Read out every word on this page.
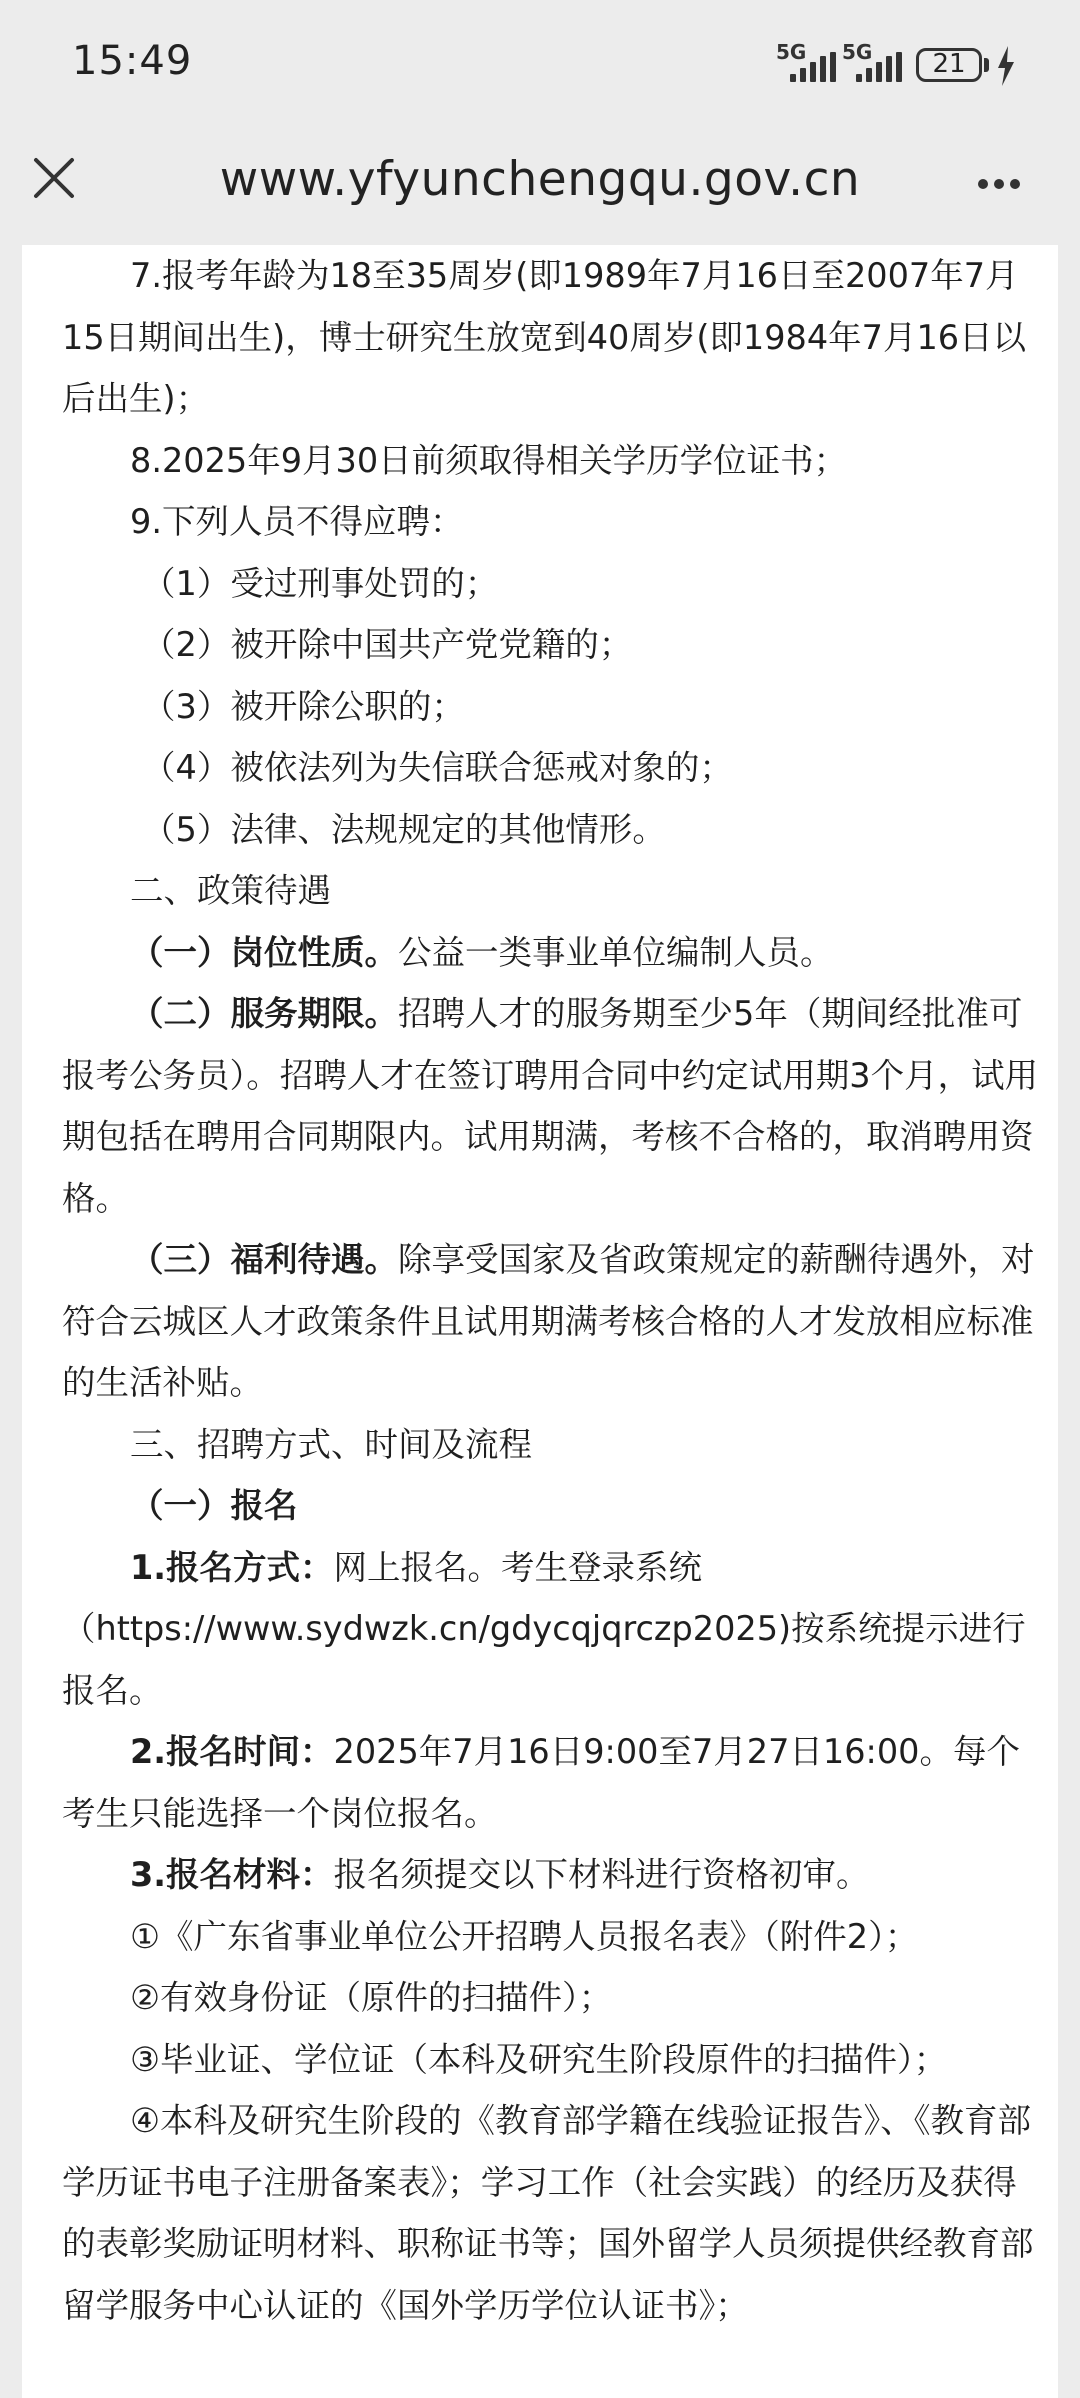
15:49	5G 5G	21
www.yfyunchengqu.gov.cn

7.报考年龄为18至35周岁(即1989年7月16日至2007年7月15日期间出生)，博士研究生放宽到40周岁(即1984年7月16日以后出生)；

8.2025年9月30日前须取得相关学历学位证书；

9.下列人员不得应聘：

（1）受过刑事处罚的；

（2）被开除中国共产党党籍的；

（3）被开除公职的；

（4）被依法列为失信联合惩戒对象的；

（5）法律、法规规定的其他情形。

二、政策待遇

（一）岗位性质。公益一类事业单位编制人员。

（二）服务期限。招聘人才的服务期至少5年（期间经批准可报考公务员）。招聘人才在签订聘用合同中约定试用期3个月，试用期包括在聘用合同期限内。试用期满，考核不合格的，取消聘用资格。

（三）福利待遇。除享受国家及省政策规定的薪酬待遇外，对符合云城区人才政策条件且试用期满考核合格的人才发放相应标准的生活补贴。

三、招聘方式、时间及流程

（一）报名

1.报名方式：网上报名。考生登录系统（https://www.sydwzk.cn/gdycqjqrczp2025)按系统提示进行报名。

2.报名时间：2025年7月16日9:00至7月27日16:00。每个考生只能选择一个岗位报名。

3.报名材料：报名须提交以下材料进行资格初审。

①《广东省事业单位公开招聘人员报名表》（附件2）；

②有效身份证（原件的扫描件）；

③毕业证、学位证（本科及研究生阶段原件的扫描件）；

④本科及研究生阶段的《教育部学籍在线验证报告》、《教育部学历证书电子注册备案表》；学习工作（社会实践）的经历及获得的表彰奖励证明材料、职称证书等；国外留学人员须提供经教育部留学服务中心认证的《国外学历学位认证书》；
